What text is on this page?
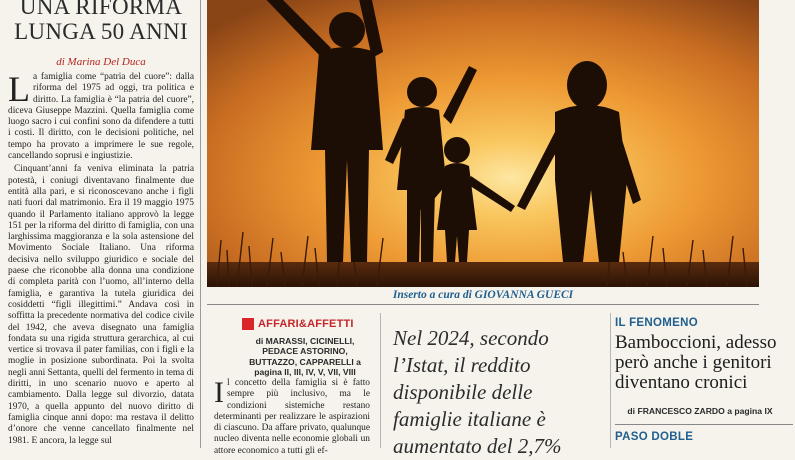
UNA RIFORMA
LUNGA 50 ANNI
di Marina Del Duca

La famiglia come “patria del cuore”: dalla riforma del 1975 ad oggi, tra politica e diritto. La famiglia è “la patria del cuore”, diceva Giuseppe Mazzini. Quella famiglia come luogo sacro i cui confini sono da difendere a tutti i costi. Il diritto, con le decisioni politiche, nel tempo ha provato a imprimere le sue regole, cancellando soprusi e ingiustizie.

Cinquant’anni fa veniva eliminata la patria potestà, i coniugi diventavano finalmente due entità alla pari, e si riconoscevano anche i figli nati fuori dal matrimonio. Era il 19 maggio 1975 quando il Parlamento italiano approvò la legge 151 per la riforma del diritto di famiglia, con una larghissima maggioranza e la sola astensione del Movimento Sociale Italiano. Una riforma decisiva nello sviluppo giuridico e sociale del paese che riconobbe alla donna una condizione di completa parità con l’uomo, all’interno della famiglia, e garantiva la tutela giuridica dei cosiddetti “figli illegittimi.” Andava così in soffitta la precedente normativa del codice civile del 1942, che aveva disegnato una famiglia fondata su una rigida struttura gerarchica, al cui vertice si trovava il pater familias, con i figli e la moglie in posizione subordinata. Poi la svolta negli anni Settanta, quelli del fermento in tema di diritti, in uno scenario nuovo e aperto al cambiamento. Dalla legge sul divorzio, datata 1970, a quella appunto del nuovo diritto di famiglia cinque anni dopo: ma restava il delitto d’onore che venne cancellato finalmente nel 1981. E ancora, la legge sul

Inserto a cura di GIOVANNA GUECI
AFFARI&AFFETTI
di MARASSI, CICINELLI, PEDACE ASTORINO, BUTTAZZO, CAPPARELLI a pagina II, III, IV, V, VII, VIII
Il concetto della famiglia si è fatto sempre più inclusivo, ma le condizioni sistemiche restano determinanti per realizzare le aspirazioni di ciascuno. Da affare privato, qualunque nucleo diventa nelle economie globali un attore economico a tutti gli ef-
Nel 2024, secondo l’Istat, il reddito disponibile delle famiglie italiane è aumentato del 2,7%
IL FENOMENO
Bamboccioni, adesso però anche i genitori diventano cronici
di FRANCESCO ZARDO a pagina IX
PASO DOBLE
